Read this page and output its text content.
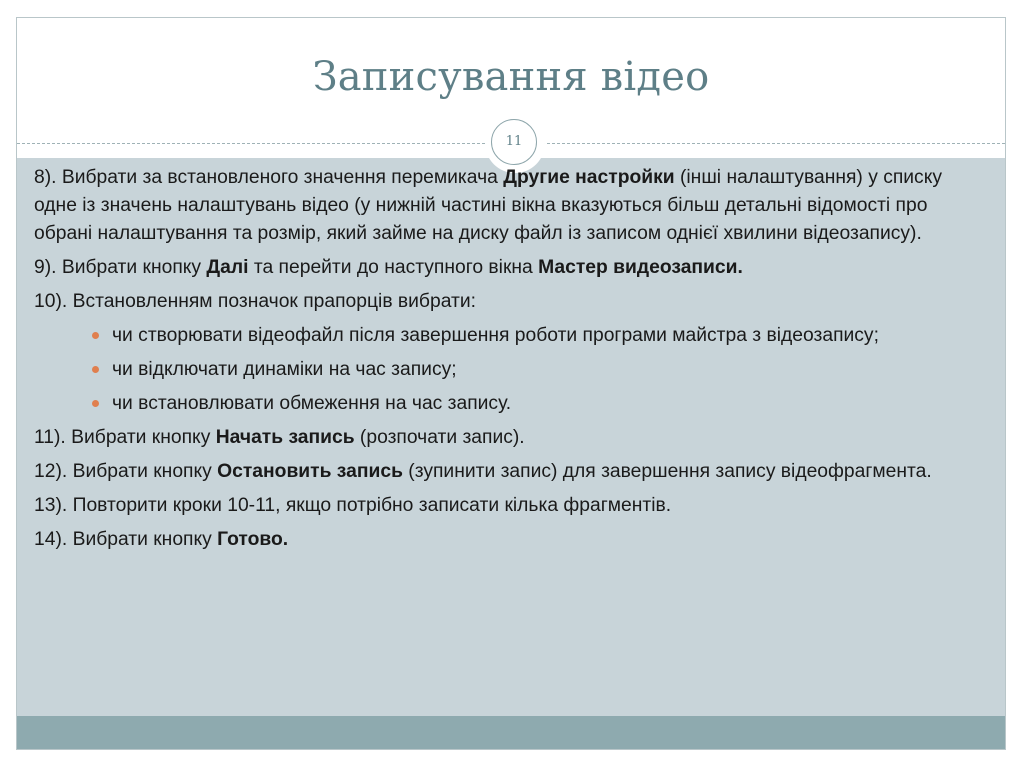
Записування відео
11

8). Вибрати за встановленого значення перемикача Другие настройки (інші налаштування) у списку одне із значень налаштувань відео (у нижній частині вікна вказуються більш детальні відомості про обрані налаштування та розмір, який займе на диску файл із записом однієї хвилини відеозапису).

9). Вибрати кнопку Далі та перейти до наступного вікна Мастер видеозаписи.

10). Встановленням позначок прапорців вибрати:

чи створювати відеофайл після завершення роботи програми майстра з відеозапису;
чи відключати динаміки на час запису;
чи встановлювати обмеження на час запису.

11). Вибрати кнопку Начать запись (розпочати запис).

12). Вибрати кнопку Остановить запись (зупинити запис) для завершення запису відеофрагмента.

13). Повторити кроки 10-11, якщо потрібно записати кілька фрагментів.

14). Вибрати кнопку Готово.
